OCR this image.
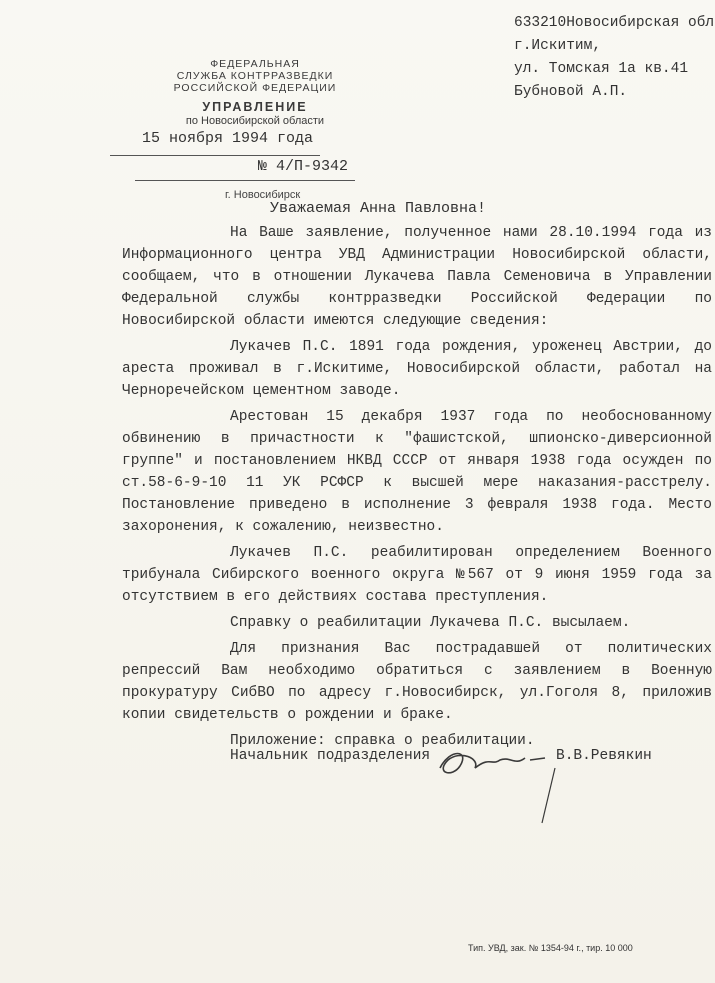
ФЕДЕРАЛЬНАЯ
СЛУЖБА КОНТРРАЗВЕДКИ
РОССИЙСКОЙ ФЕДЕРАЦИИ
УПРАВЛЕНИЕ
по Новосибирской области
15 ноября 1994 года
№ 4/П-9342
г. Новосибирск
633210Новосибирская обл
г.Искитим,
ул. Томская 1а кв.41
Бубновой А.П.
Уважаемая Анна Павловна!

На Ваше заявление, полученное нами 28.10.1994 года из Информационного центра УВД Администрации Новосибирской области, сообщаем, что в отношении Лукачева Павла Семеновича в Управлении Федеральной службы контрразведки Российской Федерации по Новосибирской области имеются следующие сведения:

Лукачев П.С. 1891 года рождения, уроженец Австрии, до ареста проживал в г.Искитиме, Новосибирской области, работал на Черноречейском цементном заводе.

Арестован 15 декабря 1937 года по необоснованному обвинению в причастности к "фашистской, шпионско-диверсионной группе" и постановлением НКВД СССР от января 1938 года осужден по ст.58-6-9-10 11 УК РСФСР к высшей мере наказания-расстрелу. Постановление приведено в исполнение 3 февраля 1938 года. Место захоронения, к сожалению, неизвестно.

Лукачев П.С. реабилитирован определением Военного трибунала Сибирского военного округа №567 от 9 июня 1959 года за отсутствием в его действиях состава преступления.

Справку о реабилитации Лукачева П.С. высылаем.

Для признания Вас пострадавшей от политических репрессий Вам необходимо обратиться с заявлением в Военную прокуратуру СибВО по адресу г.Новосибирск, ул.Гоголя 8, приложив копии свидетельств о рождении и браке.

Приложение: справка о реабилитации.

Начальник подразделения	В.В.Ревякин
Тип. УВД, зак. № 1354-94 г., тир. 10 000
